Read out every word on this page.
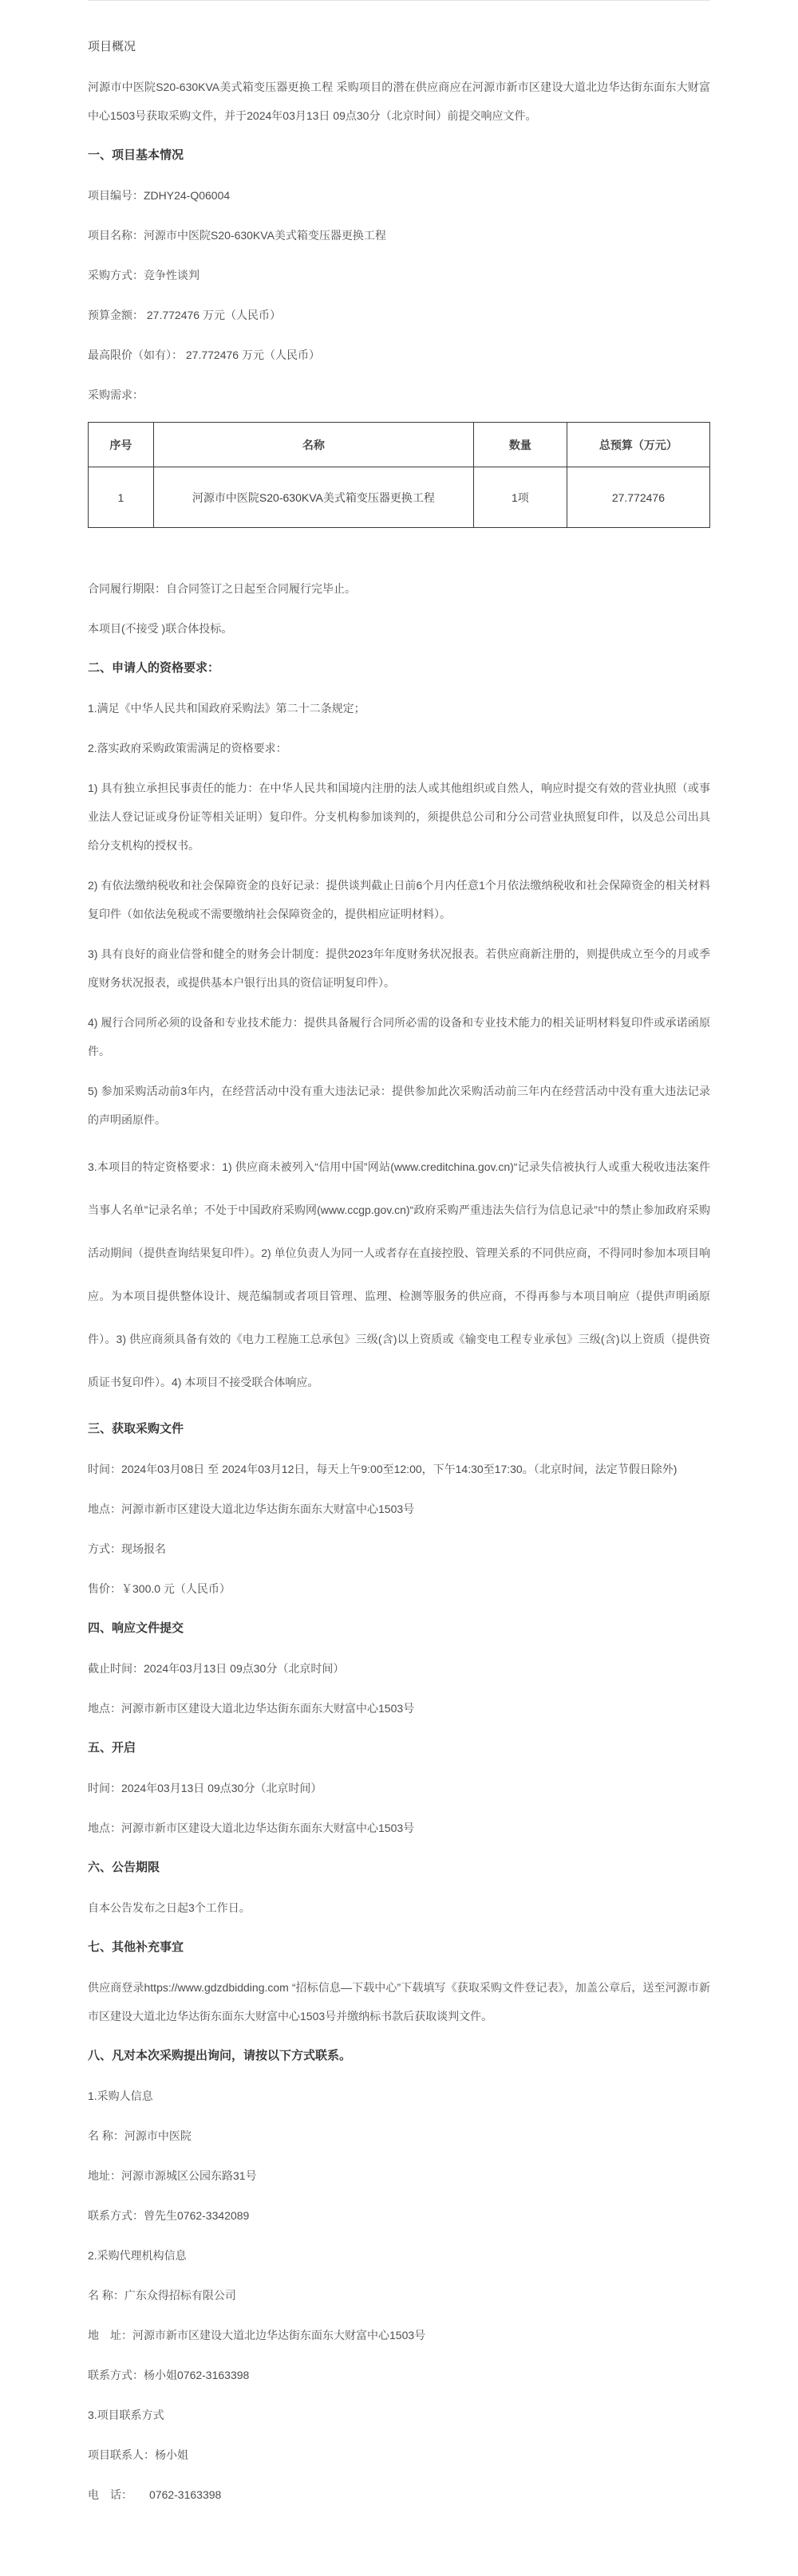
项目概况

河源市中医院S20-630KVA美式箱变压器更换工程 采购项目的潜在供应商应在河源市新市区建设大道北边华达街东面东大财富中心1503号获取采购文件，并于2024年03月13日 09点30分（北京时间）前提交响应文件。

一、项目基本情况

项目编号：ZDHY24-Q06004

项目名称：河源市中医院S20-630KVA美式箱变压器更换工程

采购方式：竞争性谈判

预算金额： 27.772476 万元（人民币）

最高限价（如有）： 27.772476 万元（人民币）

采购需求：

序号	名称	数量	总预算（万元）
1	河源市中医院S20-630KVA美式箱变压器更换工程	1项	27.772476

合同履行期限：自合同签订之日起至合同履行完毕止。

本项目(不接受 )联合体投标。

二、申请人的资格要求：

1.满足《中华人民共和国政府采购法》第二十二条规定；

2.落实政府采购政策需满足的资格要求：

1) 具有独立承担民事责任的能力：在中华人民共和国境内注册的法人或其他组织或自然人，响应时提交有效的营业执照（或事业法人登记证或身份证等相关证明）复印件。分支机构参加谈判的，须提供总公司和分公司营业执照复印件，以及总公司出具给分支机构的授权书。

2) 有依法缴纳税收和社会保障资金的良好记录：提供谈判截止日前6个月内任意1个月依法缴纳税收和社会保障资金的相关材料复印件（如依法免税或不需要缴纳社会保障资金的，提供相应证明材料）。

3) 具有良好的商业信誉和健全的财务会计制度：提供2023年年度财务状况报表。若供应商新注册的，则提供成立至今的月或季度财务状况报表，或提供基本户银行出具的资信证明复印件）。

4) 履行合同所必须的设备和专业技术能力：提供具备履行合同所必需的设备和专业技术能力的相关证明材料复印件或承诺函原件。

5) 参加采购活动前3年内，在经营活动中没有重大违法记录：提供参加此次采购活动前三年内在经营活动中没有重大违法记录的声明函原件。

3.本项目的特定资格要求：1) 供应商未被列入“信用中国”网站(www.creditchina.gov.cn)“记录失信被执行人或重大税收违法案件当事人名单”记录名单；不处于中国政府采购网(www.ccgp.gov.cn)“政府采购严重违法失信行为信息记录”中的禁止参加政府采购活动期间（提供查询结果复印件）。2) 单位负责人为同一人或者存在直接控股、管理关系的不同供应商，不得同时参加本项目响应。为本项目提供整体设计、规范编制或者项目管理、监理、检测等服务的供应商，不得再参与本项目响应（提供声明函原件）。3) 供应商须具备有效的《电力工程施工总承包》三级(含)以上资质或《输变电工程专业承包》三级(含)以上资质（提供资质证书复印件）。4) 本项目不接受联合体响应。

三、获取采购文件

时间：2024年03月08日 至 2024年03月12日，每天上午9:00至12:00，下午14:30至17:30。（北京时间，法定节假日除外)

地点：河源市新市区建设大道北边华达街东面东大财富中心1503号

方式：现场报名

售价：￥300.0 元（人民币）

四、响应文件提交

截止时间：2024年03月13日 09点30分（北京时间）

地点：河源市新市区建设大道北边华达街东面东大财富中心1503号

五、开启

时间：2024年03月13日 09点30分（北京时间）

地点：河源市新市区建设大道北边华达街东面东大财富中心1503号

六、公告期限

自本公告发布之日起3个工作日。

七、其他补充事宜

供应商登录https://www.gdzdbidding.com “招标信息—下载中心”下载填写《获取采购文件登记表》，加盖公章后，送至河源市新市区建设大道北边华达街东面东大财富中心1503号并缴纳标书款后获取谈判文件。

八、凡对本次采购提出询问，请按以下方式联系。

1.采购人信息

名 称：河源市中医院

地址：河源市源城区公园东路31号

联系方式：曾先生0762-3342089

2.采购代理机构信息

名 称：广东众得招标有限公司

地　址：河源市新市区建设大道北边华达街东面东大财富中心1503号

联系方式：杨小姐0762-3163398

3.项目联系方式

项目联系人：杨小姐

电　话：　　0762-3163398
